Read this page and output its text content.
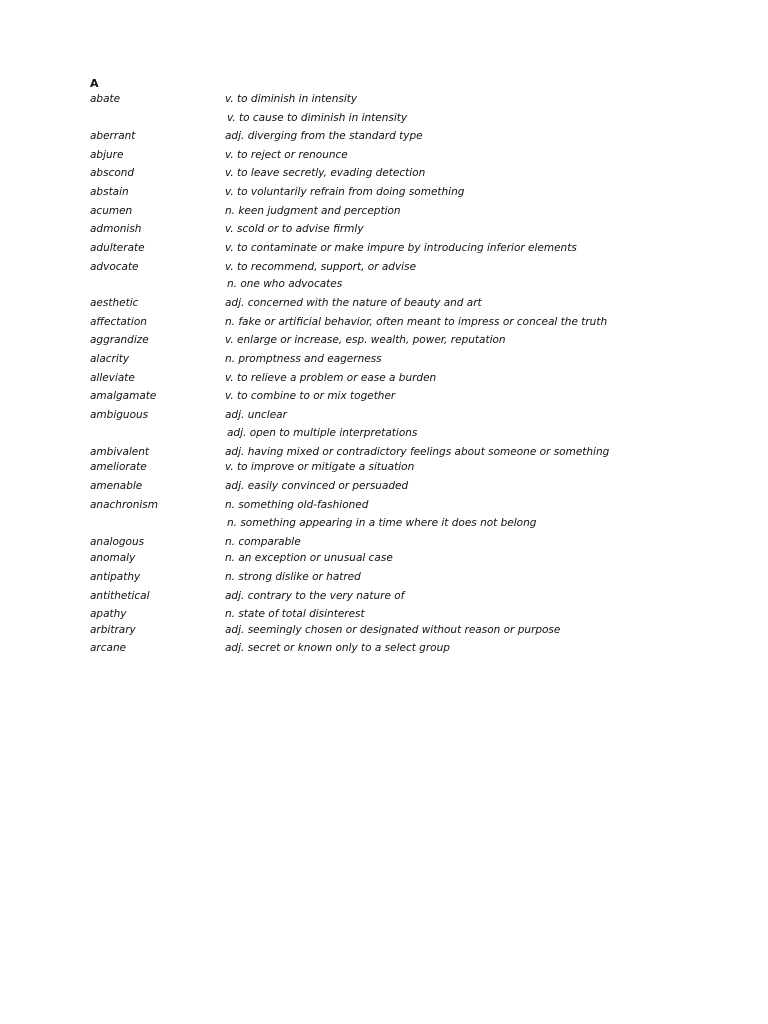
A
abate	v. to diminish in intensity
v. to cause to diminish in intensity
aberrant	adj. diverging from the standard type
abjure	v. to reject or renounce
abscond	v. to leave secretly, evading detection
abstain	v. to voluntarily refrain from doing something
acumen	n. keen judgment and perception
admonish	v. scold or to advise firmly
adulterate	v. to contaminate or make impure by introducing inferior elements
advocate	v. to recommend, support, or advise
n. one who advocates
aesthetic	adj. concerned with the nature of beauty and art
affectation	n. fake or artificial behavior, often meant to impress or conceal the truth
aggrandize	v. enlarge or increase, esp. wealth, power, reputation
alacrity	n. promptness and eagerness
alleviate	v. to relieve a problem or ease a burden
amalgamate	v. to combine to or mix together
ambiguous	adj. unclear
adj. open to multiple interpretations
ambivalent	adj. having mixed or contradictory feelings about someone or something
ameliorate	v. to improve or mitigate a situation
amenable	adj. easily convinced or persuaded
anachronism	n. something old-fashioned
n. something appearing in a time where it does not belong
analogous	n. comparable
anomaly	n. an exception or unusual case
antipathy	n. strong dislike or hatred
antithetical	adj. contrary to the very nature of
apathy	n. state of total disinterest
arbitrary	adj. seemingly chosen or designated without reason or purpose
arcane	adj. secret or known only to a select group
